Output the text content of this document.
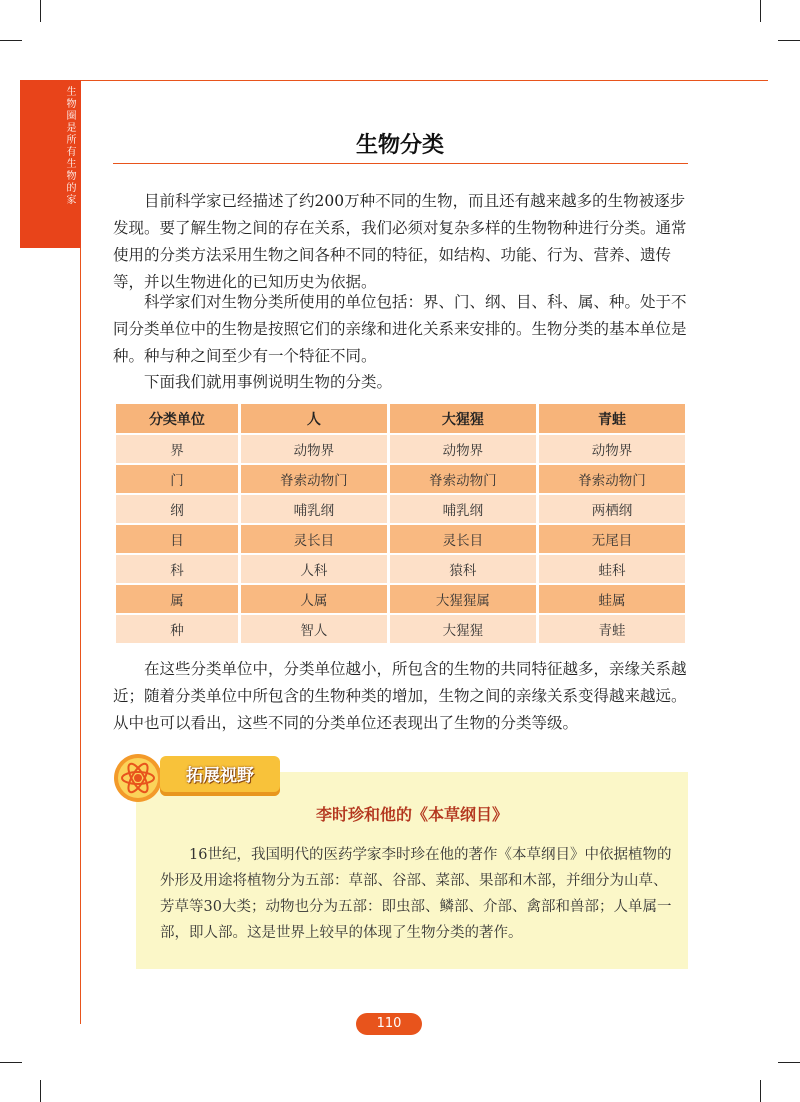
生物圈是所有生物的家	生物分类

目前科学家已经描述了约200万种不同的生物，而且还有越来越多的生物被逐步发现。要了解生物之间的存在关系，我们必须对复杂多样的生物物种进行分类。通常使用的分类方法采用生物之间各种不同的特征，如结构、功能、行为、营养、遗传等，并以生物进化的已知历史为依据。

科学家们对生物分类所使用的单位包括：界、门、纲、目、科、属、种。处于不同分类单位中的生物是按照它们的亲缘和进化关系来安排的。生物分类的基本单位是种。种与种之间至少有一个特征不同。

下面我们就用事例说明生物的分类。

分类单位	人	大猩猩	青蛙
界	动物界	动物界	动物界
门	脊索动物门	脊索动物门	脊索动物门
纲	哺乳纲	哺乳纲	两栖纲
目	灵长目	灵长目	无尾目
科	人科	猿科	蛙科
属	人属	大猩猩属	蛙属
种	智人	大猩猩	青蛙

在这些分类单位中，分类单位越小，所包含的生物的共同特征越多，亲缘关系越近；随着分类单位中所包含的生物种类的增加，生物之间的亲缘关系变得越来越远。从中也可以看出，这些不同的分类单位还表现出了生物的分类等级。

拓展视野
李时珍和他的《本草纲目》

16世纪，我国明代的医药学家李时珍在他的著作《本草纲目》中依据植物的外形及用途将植物分为五部：草部、谷部、菜部、果部和木部，并细分为山草、芳草等30大类；动物也分为五部：即虫部、鳞部、介部、禽部和兽部；人单属一部，即人部。这是世界上较早的体现了生物分类的著作。

110
